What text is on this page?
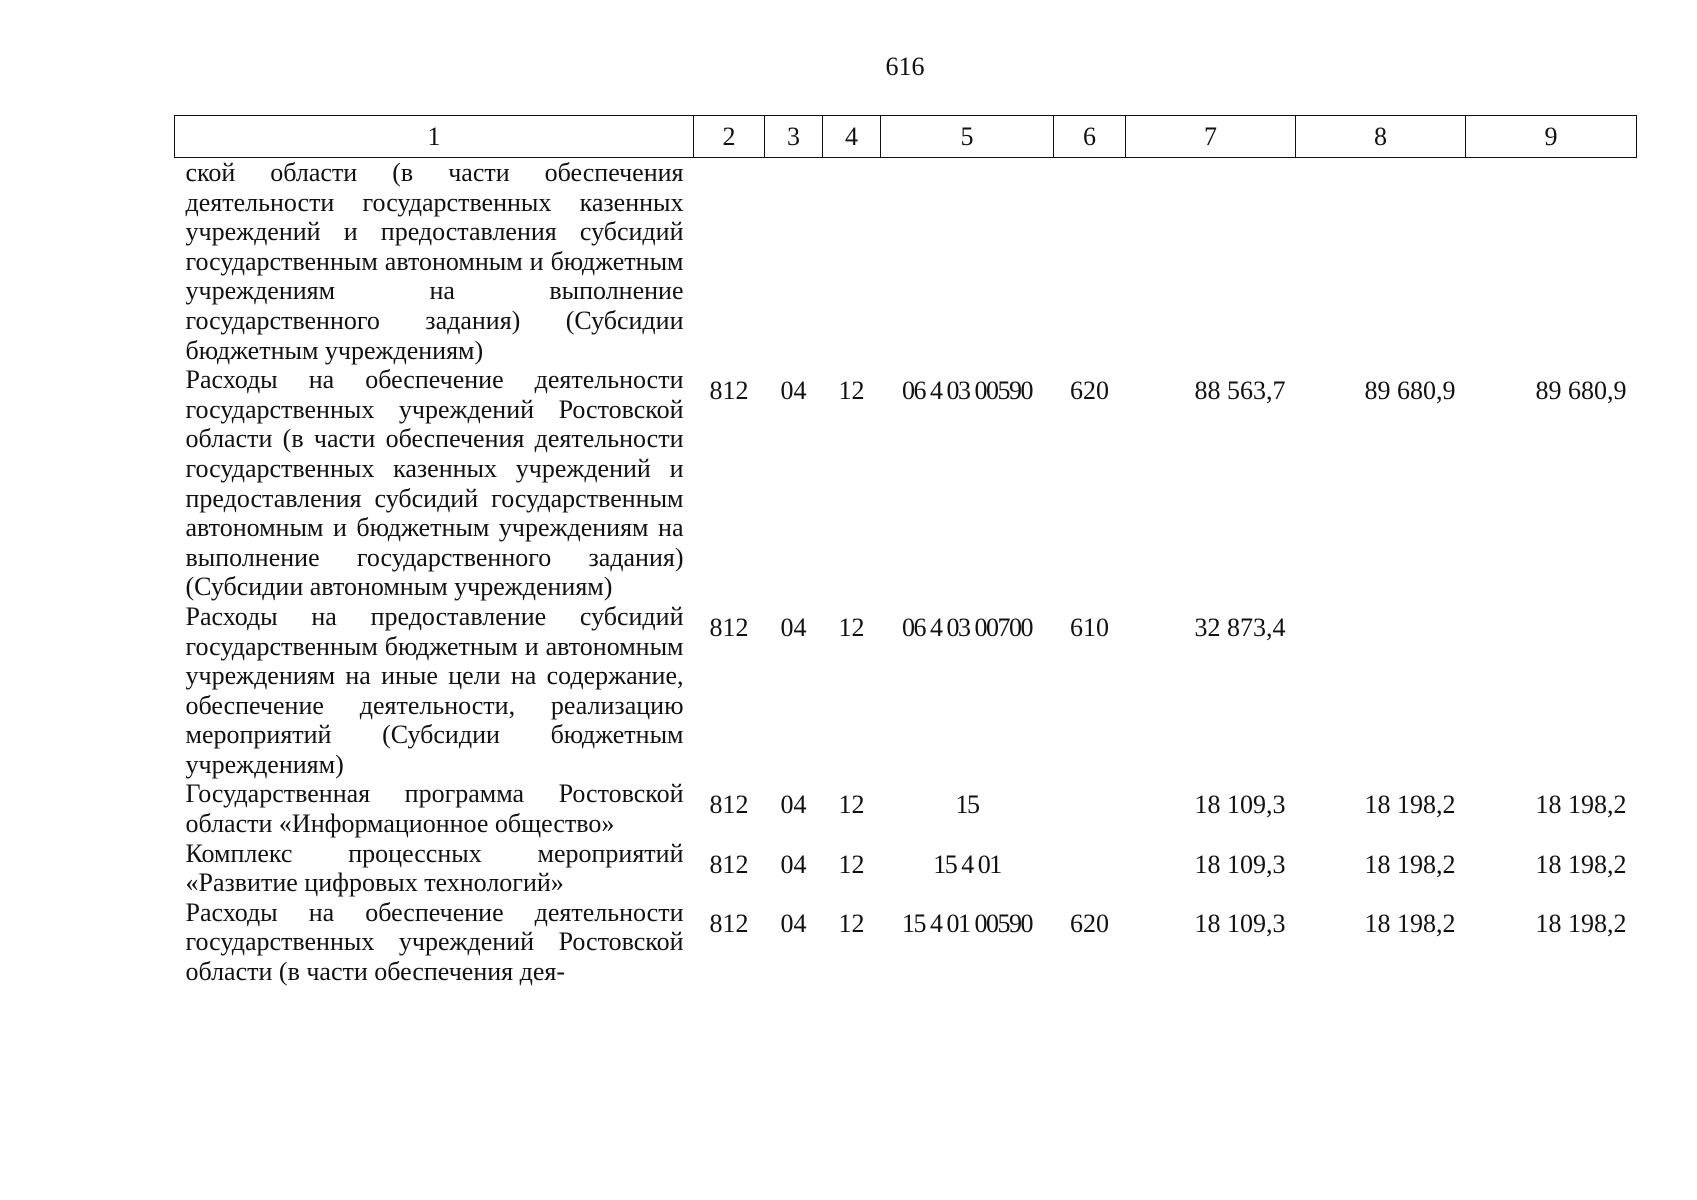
616
1	2	3	4	5	6	7	8	9
ской области (в части обеспечения деятельности государственных казенных учреждений и предоставления субсидий государственным автономным и бюджетным учреждениям на выполнение государственного задания) (Субсидии бюджетным учреждениям)								
Расходы на обеспечение деятельности государственных учреждений Ростовской области (в части обеспечения деятельности государственных казенных учреждений и предоставления субсидий государственным автономным и бюджетным учреждениям на выполнение государственного задания) (Субсидии автономным учреждениям)	812	04	12	06 4 03 00590	620	88 563,7	89 680,9	89 680,9
Расходы на предоставление субсидий государственным бюджетным и автономным учреждениям на иные цели на содержание, обеспечение деятельности, реализацию мероприятий (Субсидии бюджетным учреждениям)	812	04	12	06 4 03 00700	610	32 873,4		
Государственная программа Ростовской области «Информационное общество»	812	04	12	15		18 109,3	18 198,2	18 198,2
Комплекс процессных мероприятий «Развитие цифровых технологий»	812	04	12	15 4 01		18 109,3	18 198,2	18 198,2
Расходы на обеспечение деятельности государственных учреждений Ростовской области (в части обеспечения дея-	812	04	12	15 4 01 00590	620	18 109,3	18 198,2	18 198,2
